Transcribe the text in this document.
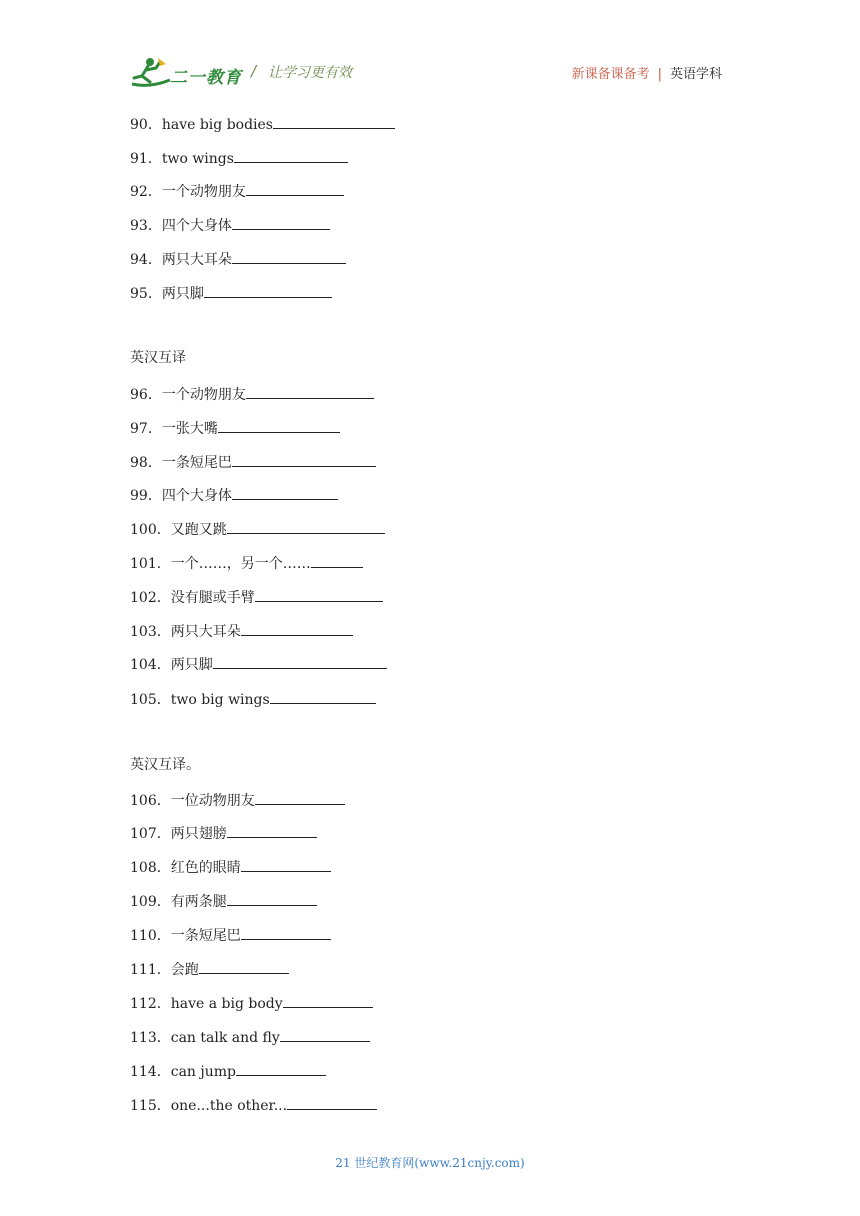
二一教育 / 让学习更有效	新课备课备考 | 英语学科
90．have big bodies
91．two wings
92．一个动物朋友
93．四个大身体
94．两只大耳朵
95．两只脚
英汉互译
96．一个动物朋友
97．一张大嘴
98．一条短尾巴
99．四个大身体
100．又跑又跳
101．一个……，另一个……
102．没有腿或手臂
103．两只大耳朵
104．两只脚
105．two big wings
英汉互译。
106．一位动物朋友
107．两只翅膀
108．红色的眼睛
109．有两条腿
110．一条短尾巴
111．会跑
112．have a big body
113．can talk and fly
114．can jump
115．one...the other...
21 世纪教育网(www.21cnjy.com)
